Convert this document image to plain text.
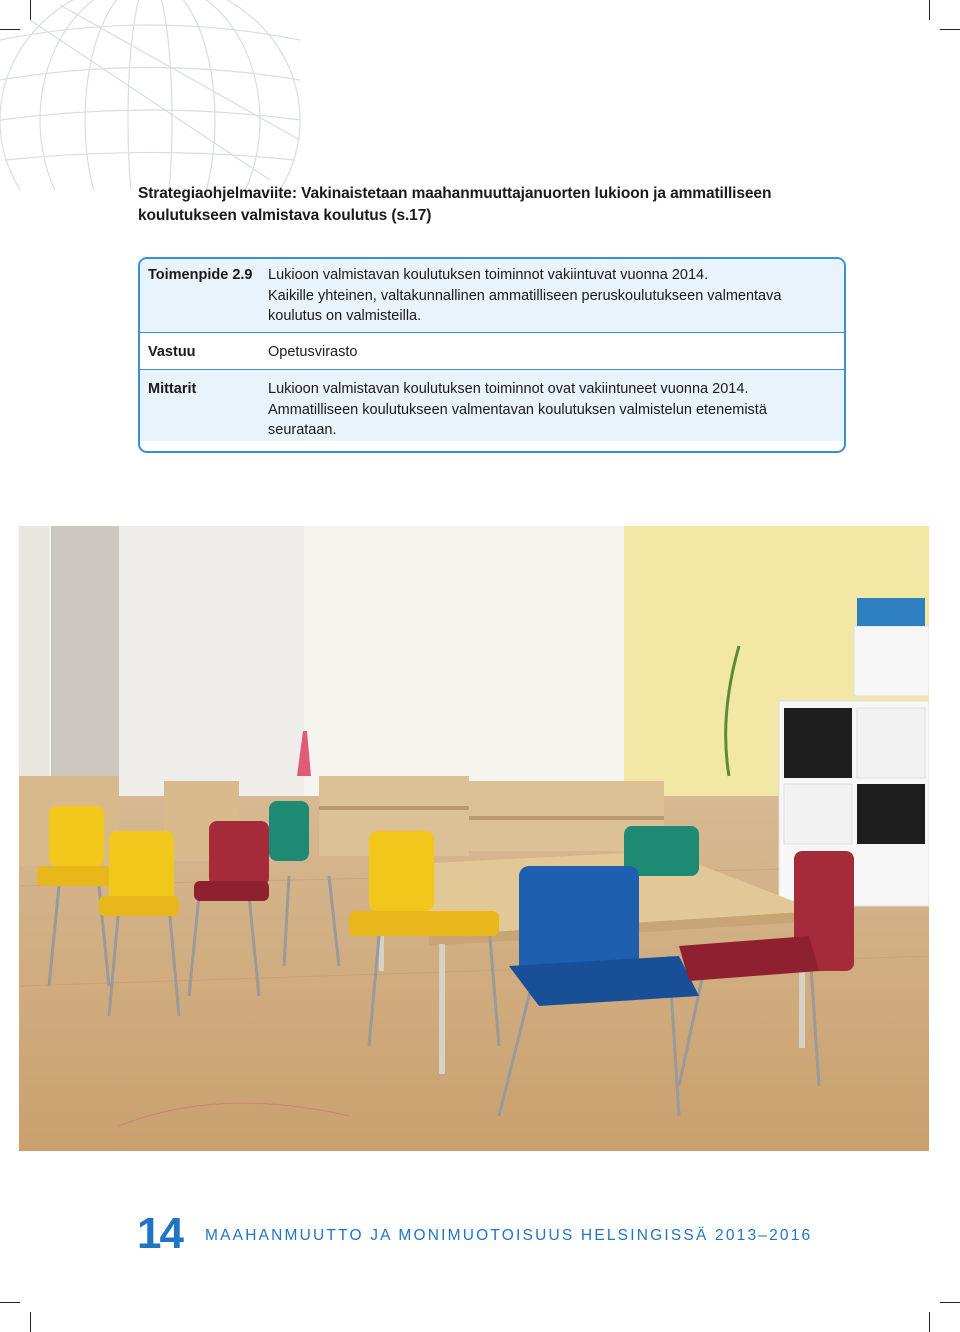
Strategiaohjelmaviite: Vakinaistetaan maahanmuuttajanuorten lukioon ja ammatilliseen
koulutukseen valmistava koulutus (s.17)
Toimenpide 2.9	Lukioon valmistavan koulutuksen toiminnot vakiintuvat vuonna 2014.
Kaikille yhteinen, valtakunnallinen ammatilliseen peruskoulutukseen valmentava
koulutus on valmisteilla.
Vastuu	Opetusvirasto
Mittarit	Lukioon valmistavan koulutuksen toiminnot ovat vakiintuneet vuonna 2014.
Ammatilliseen koulutukseen valmentavan koulutuksen valmistelun etenemistä
seurataan.
14 MAAHANMUUTTO JA MONIMUOTOISUUS HELSINGISSÄ 2013–2016
